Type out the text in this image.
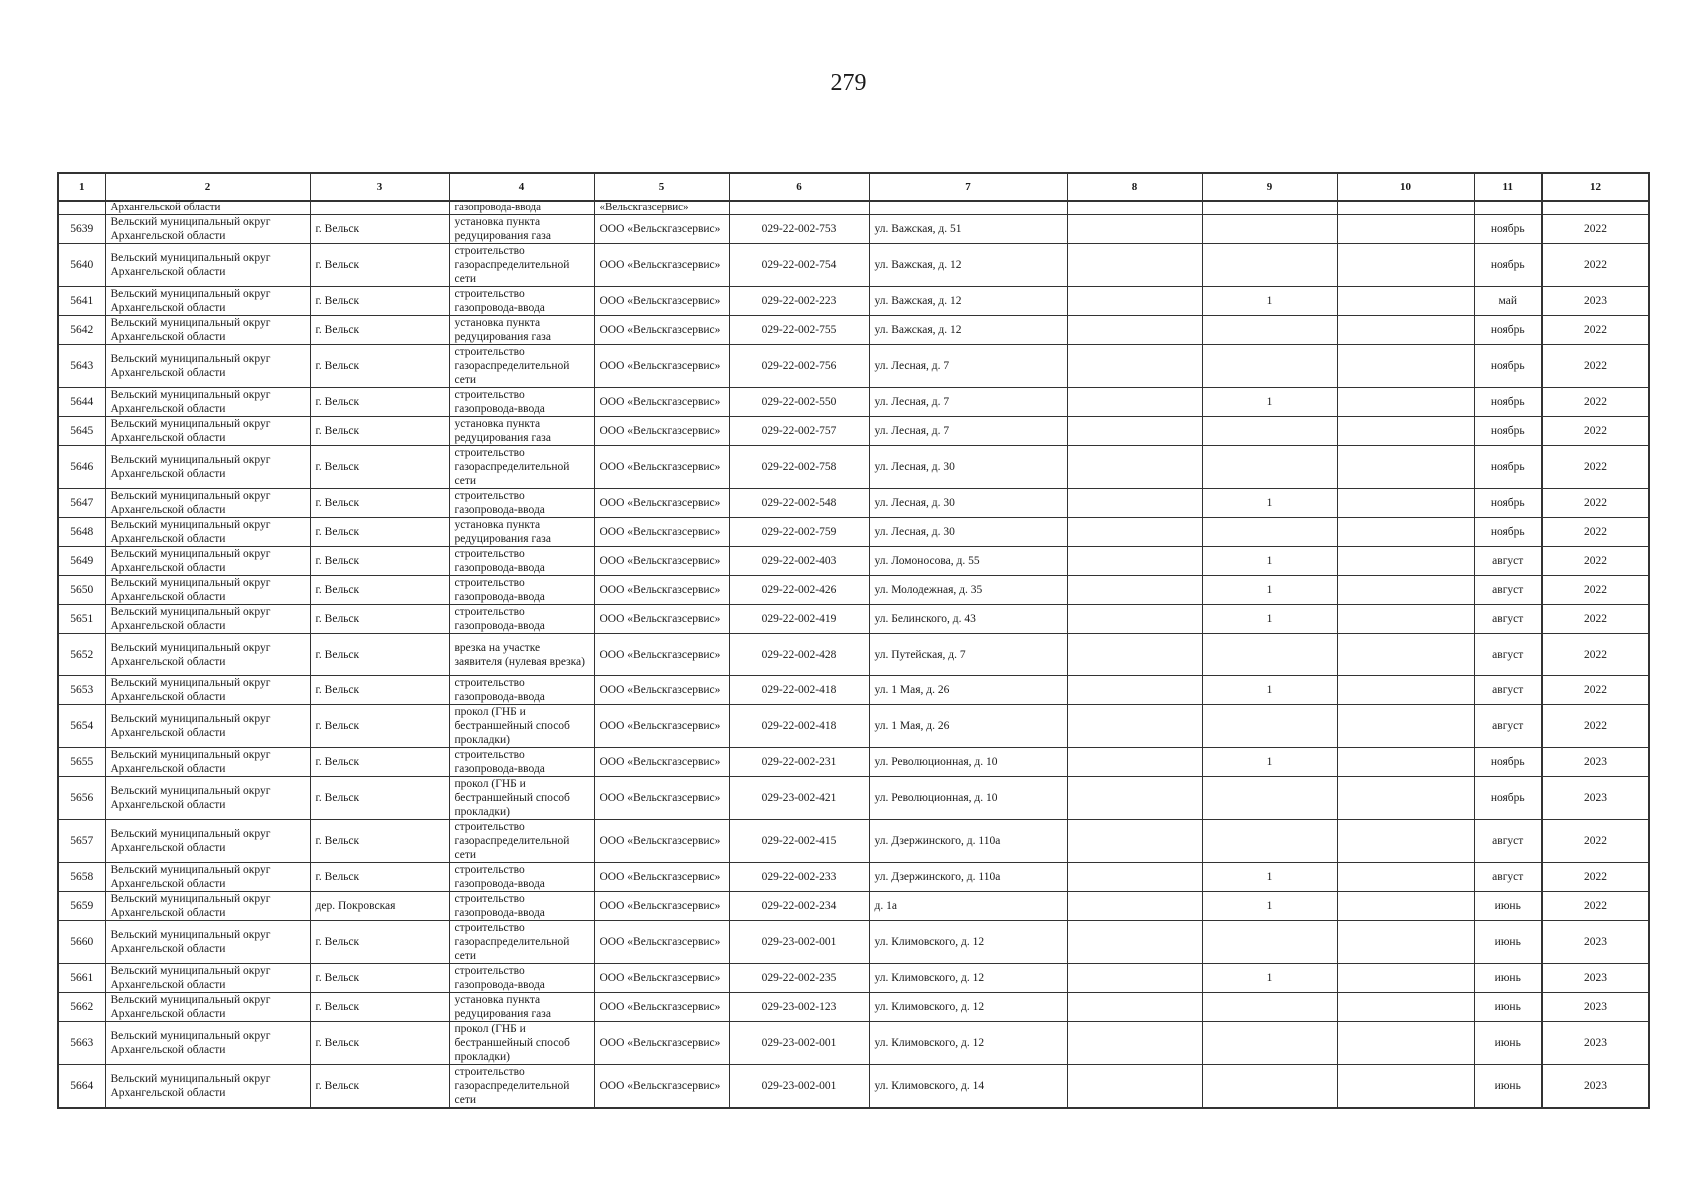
279
1	2	3	4	5	6	7	8	9	10	11	12
	Архангельской области		газопровода-ввода	«Вельскгазсервис»							
5639	Вельский муниципальный округ Архангельской области	г. Вельск	установка пункта редуцирования газа	ООО «Вельскгазсервис»	029-22-002-753	ул. Важская, д. 51				ноябрь	2022
5640	Вельский муниципальный округ Архангельской области	г. Вельск	строительство газораспределительной сети	ООО «Вельскгазсервис»	029-22-002-754	ул. Важская, д. 12				ноябрь	2022
5641	Вельский муниципальный округ Архангельской области	г. Вельск	строительство газопровода-ввода	ООО «Вельскгазсервис»	029-22-002-223	ул. Важская, д. 12		1		май	2023
5642	Вельский муниципальный округ Архангельской области	г. Вельск	установка пункта редуцирования газа	ООО «Вельскгазсервис»	029-22-002-755	ул. Важская, д. 12				ноябрь	2022
5643	Вельский муниципальный округ Архангельской области	г. Вельск	строительство газораспределительной сети	ООО «Вельскгазсервис»	029-22-002-756	ул. Лесная, д. 7				ноябрь	2022
5644	Вельский муниципальный округ Архангельской области	г. Вельск	строительство газопровода-ввода	ООО «Вельскгазсервис»	029-22-002-550	ул. Лесная, д. 7		1		ноябрь	2022
5645	Вельский муниципальный округ Архангельской области	г. Вельск	установка пункта редуцирования газа	ООО «Вельскгазсервис»	029-22-002-757	ул. Лесная, д. 7				ноябрь	2022
5646	Вельский муниципальный округ Архангельской области	г. Вельск	строительство газораспределительной сети	ООО «Вельскгазсервис»	029-22-002-758	ул. Лесная, д. 30				ноябрь	2022
5647	Вельский муниципальный округ Архангельской области	г. Вельск	строительство газопровода-ввода	ООО «Вельскгазсервис»	029-22-002-548	ул. Лесная, д. 30		1		ноябрь	2022
5648	Вельский муниципальный округ Архангельской области	г. Вельск	установка пункта редуцирования газа	ООО «Вельскгазсервис»	029-22-002-759	ул. Лесная, д. 30				ноябрь	2022
5649	Вельский муниципальный округ Архангельской области	г. Вельск	строительство газопровода-ввода	ООО «Вельскгазсервис»	029-22-002-403	ул. Ломоносова, д. 55		1		август	2022
5650	Вельский муниципальный округ Архангельской области	г. Вельск	строительство газопровода-ввода	ООО «Вельскгазсервис»	029-22-002-426	ул. Молодежная, д. 35		1		август	2022
5651	Вельский муниципальный округ Архангельской области	г. Вельск	строительство газопровода-ввода	ООО «Вельскгазсервис»	029-22-002-419	ул. Белинского, д. 43		1		август	2022
5652	Вельский муниципальный округ Архангельской области	г. Вельск	врезка на участке заявителя (нулевая врезка)	ООО «Вельскгазсервис»	029-22-002-428	ул. Путейская, д. 7				август	2022
5653	Вельский муниципальный округ Архангельской области	г. Вельск	строительство газопровода-ввода	ООО «Вельскгазсервис»	029-22-002-418	ул. 1 Мая, д. 26		1		август	2022
5654	Вельский муниципальный округ Архангельской области	г. Вельск	прокол (ГНБ и бестраншейный способ прокладки)	ООО «Вельскгазсервис»	029-22-002-418	ул. 1 Мая, д. 26				август	2022
5655	Вельский муниципальный округ Архангельской области	г. Вельск	строительство газопровода-ввода	ООО «Вельскгазсервис»	029-22-002-231	ул. Революционная, д. 10		1		ноябрь	2023
5656	Вельский муниципальный округ Архангельской области	г. Вельск	прокол (ГНБ и бестраншейный способ прокладки)	ООО «Вельскгазсервис»	029-23-002-421	ул. Революционная, д. 10				ноябрь	2023
5657	Вельский муниципальный округ Архангельской области	г. Вельск	строительство газораспределительной сети	ООО «Вельскгазсервис»	029-22-002-415	ул. Дзержинского, д. 110а				август	2022
5658	Вельский муниципальный округ Архангельской области	г. Вельск	строительство газопровода-ввода	ООО «Вельскгазсервис»	029-22-002-233	ул. Дзержинского, д. 110а		1		август	2022
5659	Вельский муниципальный округ Архангельской области	дер. Покровская	строительство газопровода-ввода	ООО «Вельскгазсервис»	029-22-002-234	д. 1а		1		июнь	2022
5660	Вельский муниципальный округ Архангельской области	г. Вельск	строительство газораспределительной сети	ООО «Вельскгазсервис»	029-23-002-001	ул. Климовского, д. 12				июнь	2023
5661	Вельский муниципальный округ Архангельской области	г. Вельск	строительство газопровода-ввода	ООО «Вельскгазсервис»	029-22-002-235	ул. Климовского, д. 12		1		июнь	2023
5662	Вельский муниципальный округ Архангельской области	г. Вельск	установка пункта редуцирования газа	ООО «Вельскгазсервис»	029-23-002-123	ул. Климовского, д. 12				июнь	2023
5663	Вельский муниципальный округ Архангельской области	г. Вельск	прокол (ГНБ и бестраншейный способ прокладки)	ООО «Вельскгазсервис»	029-23-002-001	ул. Климовского, д. 12				июнь	2023
5664	Вельский муниципальный округ Архангельской области	г. Вельск	строительство газораспределительной сети	ООО «Вельскгазсервис»	029-23-002-001	ул. Климовского, д. 14				июнь	2023
